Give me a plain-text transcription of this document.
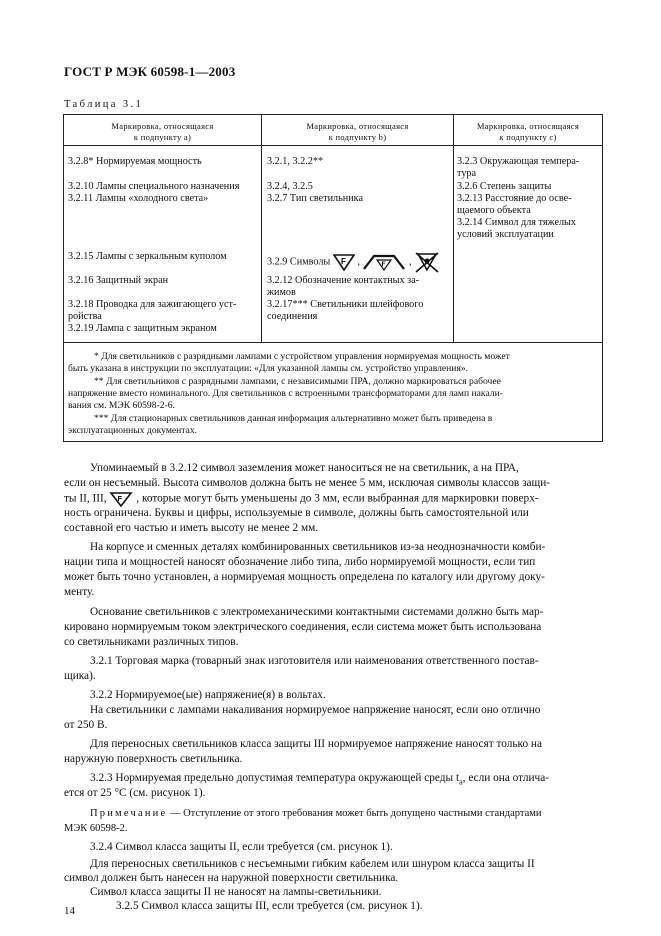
ГОСТ Р МЭК 60598-1—2003
Таблица 3.1
Маркировка, относящаяся
к подпункту а)
Маркировка, относящаяся
к подпункту b)
Маркировка, относящаяся
к подпункту с)
3.2.8* Нормируемая мощность
3.2.10 Лампы специального назначения
3.2.11 Лампы «холодного света»
3.2.15 Лампы с зеркальным куполом
3.2.16 Защитный экран
3.2.18 Проводка для зажигающего уст-
ройства
3.2.19 Лампа с защитным экраном
3.2.1, 3.2.2**
3.2.4, 3.2.5
3.2.7 Тип светильника
3.2.9 Символы F ,	F ,
3.2.12 Обозначение контактных за-
жимов
3.2.17*** Светильники шлейфового
соединения
3.2.3 Окружающая темпера-
тура
3.2.6 Степень защиты
3.2.13 Расстояние до осве-
щаемого объекта
3.2.14 Символ для тяжелых
условий эксплуатации
* Для светильников с разрядными лампами с устройством управления нормируемая мощность может
быть указана в инструкции по эксплуатации: «Для указанной лампы см. устройство управления».
** Для светильников с разрядными лампами, с независимыми ПРА, должно маркироваться рабочее
напряжение вместо номинального. Для светильников с встроенными трансформаторами для ламп накали-
вания см. МЭК 60598-2-6.
*** Для стационарных светильников данная информация альтернативно может быть приведена в
эксплуатационных документах.
Упоминаемый в 3.2.12 символ заземления может наноситься не на светильник, а на ПРА,
если он несъемный. Высота символов должна быть не менее 5 мм, исключая символы классов защи-
ты II, III, F , которые могут быть уменьшены до 3 мм, если выбранная для маркировки поверх-
ность ограничена. Буквы и цифры, используемые в символе, должны быть самостоятельной или
составной его частью и иметь высоту не менее 2 мм.
На корпусе и сменных деталях комбинированных светильников из-за неоднозначности комби-
нации типа и мощностей наносят обозначение либо типа, либо нормируемой мощности, если тип
может быть точно установлен, а нормируемая мощность определена по каталогу или другому доку-
менту.
Основание светильников с электромеханическими контактными системами должно быть мар-
кировано нормируемым током электрического соединения, если система может быть использована
со светильниками различных типов.
3.2.1 Торговая марка (товарный знак изготовителя или наименования ответственного постав-
щика).
3.2.2 Нормируемое(ые) напряжение(я) в вольтах.
На светильники с лампами накаливания нормируемое напряжение наносят, если оно отлично
от 250 В.
Для переносных светильников класса защиты III нормируемое напряжение наносят только на
наружную поверхность светильника.
3.2.3 Нормируемая предельно допустимая температура окружающей среды $t_a$, если она отлича-
ется от 25 °С (см. рисунок 1).
Примечание — Отступление от этого требования может быть допущено частными стандартами
МЭК 60598-2.
3.2.4 Символ класса защиты II, если требуется (см. рисунок 1).
14
Для переносных светильников с несъемными гибким кабелем или шнуром класса защиты II
символ должен быть нанесен на наружной поверхности светильника.
Символ класса защиты II не наносят на лампы-светильники.
3.2.5 Символ класса защиты III, если требуется (см. рисунок 1).
